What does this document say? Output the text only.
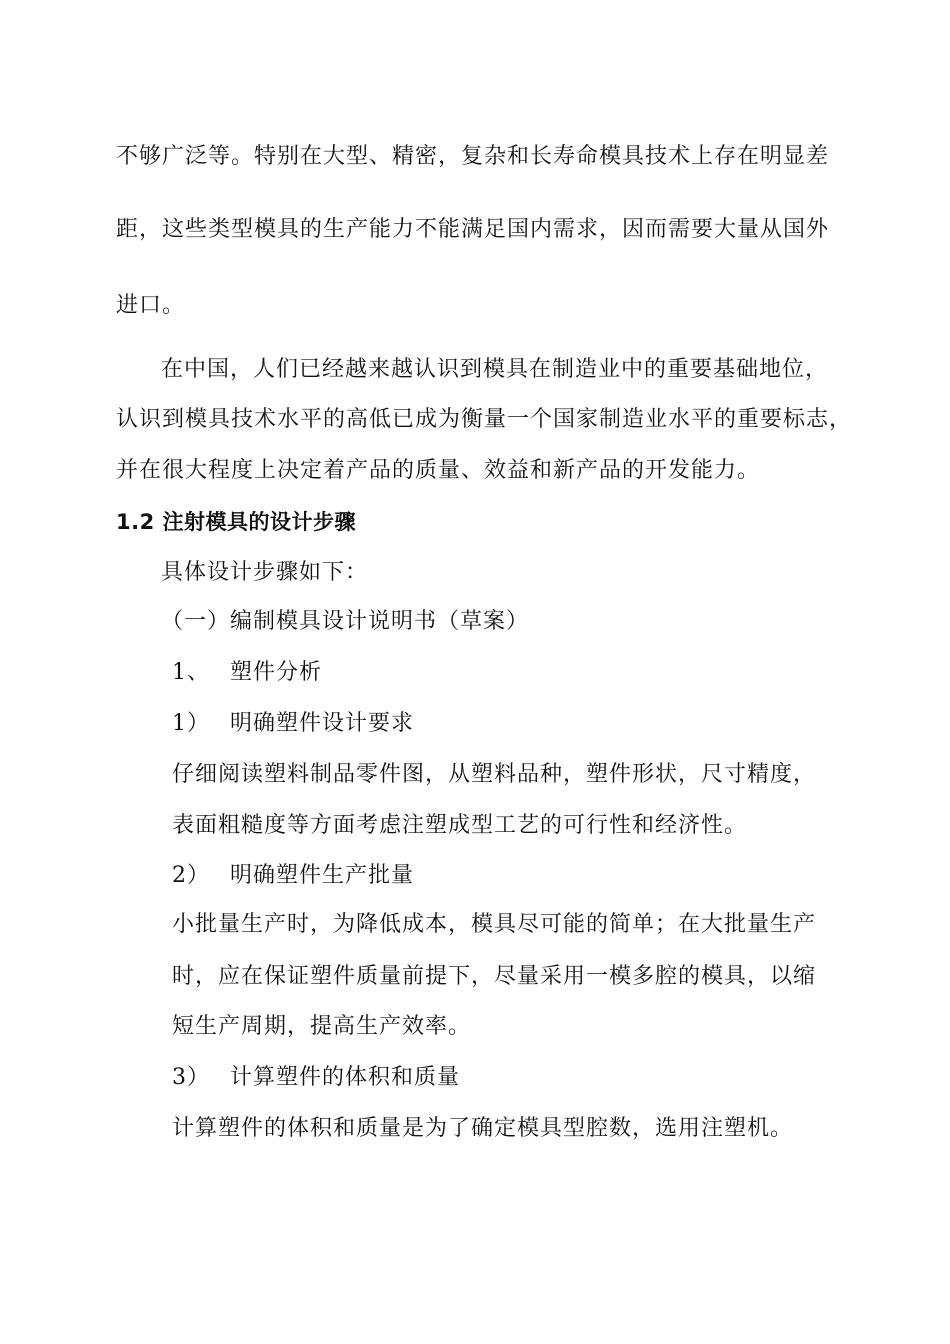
不够广泛等。特别在大型、精密，复杂和长寿命模具技术上存在明显差
距，这些类型模具的生产能力不能满足国内需求，因而需要大量从国外
进口。
在中国，人们已经越来越认识到模具在制造业中的重要基础地位，
认识到模具技术水平的高低已成为衡量一个国家制造业水平的重要标志，
并在很大程度上决定着产品的质量、效益和新产品的开发能力。
1.2 注射模具的设计步骤
具体设计步骤如下：
（一）编制模具设计说明书（草案）
1、 塑件分析
1） 明确塑件设计要求
仔细阅读塑料制品零件图，从塑料品种，塑件形状，尺寸精度，
表面粗糙度等方面考虑注塑成型工艺的可行性和经济性。
2） 明确塑件生产批量
小批量生产时，为降低成本，模具尽可能的简单；在大批量生产
时，应在保证塑件质量前提下，尽量采用一模多腔的模具，以缩
短生产周期，提高生产效率。
3） 计算塑件的体积和质量
计算塑件的体积和质量是为了确定模具型腔数，选用注塑机。
